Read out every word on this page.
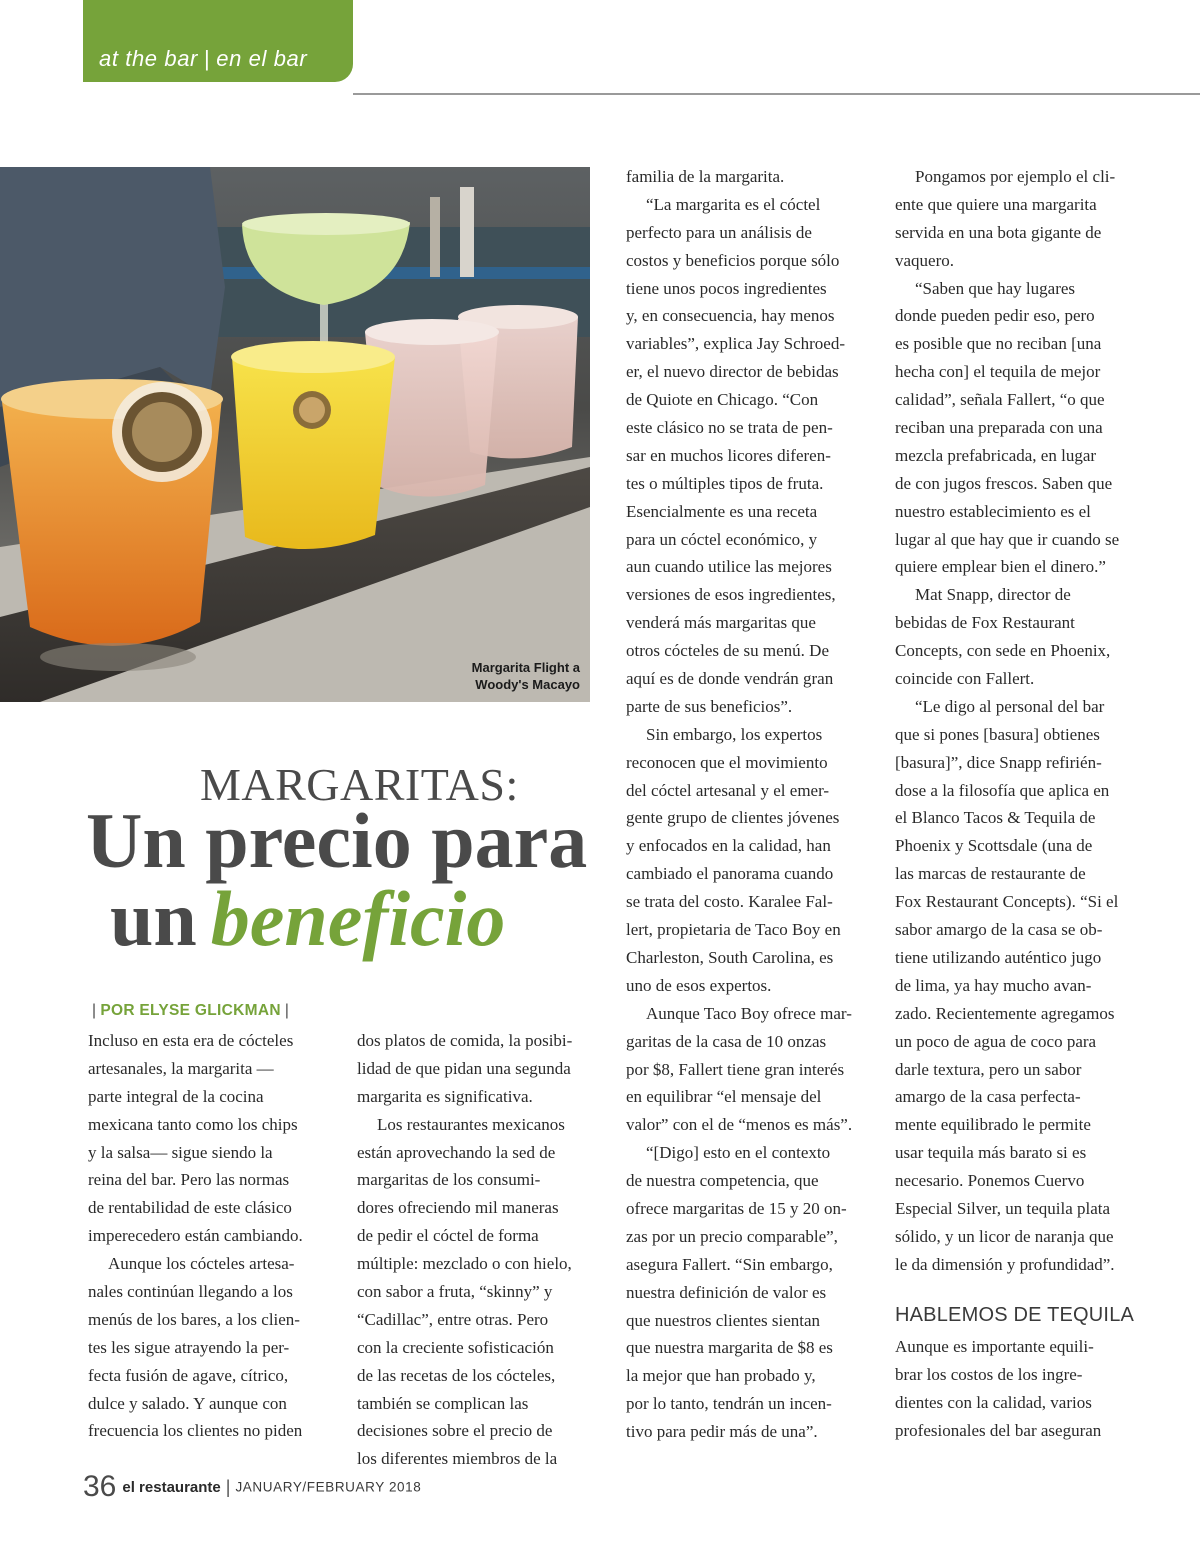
at the bar | en el bar
Margarita Flight a
Woody's Macayo
MARGARITAS:
Un precio para
un beneficio
| POR ELYSE GLICKMAN |
Incluso en esta era de cócteles
artesanales, la margarita —
parte integral de la cocina
mexicana tanto como los chips
y la salsa— sigue siendo la
reina del bar. Pero las normas
de rentabilidad de este clásico
imperecedero están cambiando.
Aunque los cócteles artesa-
nales continúan llegando a los
menús de los bares, a los clien-
tes les sigue atrayendo la per-
fecta fusión de agave, cítrico,
dulce y salado. Y aunque con
frecuencia los clientes no piden
dos platos de comida, la posibi-
lidad de que pidan una segunda
margarita es significativa.
Los restaurantes mexicanos
están aprovechando la sed de
margaritas de los consumi-
dores ofreciendo mil maneras
de pedir el cóctel de forma
múltiple: mezclado o con hielo,
con sabor a fruta, “skinny” y
“Cadillac”, entre otras. Pero
con la creciente sofisticación
de las recetas de los cócteles,
también se complican las
decisiones sobre el precio de
los diferentes miembros de la
familia de la margarita.
“La margarita es el cóctel
perfecto para un análisis de
costos y beneficios porque sólo
tiene unos pocos ingredientes
y, en consecuencia, hay menos
variables”, explica Jay Schroed-
er, el nuevo director de bebidas
de Quiote en Chicago. “Con
este clásico no se trata de pen-
sar en muchos licores diferen-
tes o múltiples tipos de fruta.
Esencialmente es una receta
para un cóctel económico, y
aun cuando utilice las mejores
versiones de esos ingredientes,
venderá más margaritas que
otros cócteles de su menú. De
aquí es de donde vendrán gran
parte de sus beneficios”.
Sin embargo, los expertos
reconocen que el movimiento
del cóctel artesanal y el emer-
gente grupo de clientes jóvenes
y enfocados en la calidad, han
cambiado el panorama cuando
se trata del costo. Karalee Fal-
lert, propietaria de Taco Boy en
Charleston, South Carolina, es
uno de esos expertos.
Aunque Taco Boy ofrece mar-
garitas de la casa de 10 onzas
por $8, Fallert tiene gran interés
en equilibrar “el mensaje del
valor” con el de “menos es más”.
“[Digo] esto en el contexto
de nuestra competencia, que
ofrece margaritas de 15 y 20 on-
zas por un precio comparable”,
asegura Fallert. “Sin embargo,
nuestra definición de valor es
que nuestros clientes sientan
que nuestra margarita de $8 es
la mejor que han probado y,
por lo tanto, tendrán un incen-
tivo para pedir más de una”.
Pongamos por ejemplo el cli-
ente que quiere una margarita
servida en una bota gigante de
vaquero.
“Saben que hay lugares
donde pueden pedir eso, pero
es posible que no reciban [una
hecha con] el tequila de mejor
calidad”, señala Fallert, “o que
reciban una preparada con una
mezcla prefabricada, en lugar
de con jugos frescos. Saben que
nuestro establecimiento es el
lugar al que hay que ir cuando se
quiere emplear bien el dinero.”
Mat Snapp, director de
bebidas de Fox Restaurant
Concepts, con sede en Phoenix,
coincide con Fallert.
“Le digo al personal del bar
que si pones [basura] obtienes
[basura]”, dice Snapp refirién-
dose a la filosofía que aplica en
el Blanco Tacos & Tequila de
Phoenix y Scottsdale (una de
las marcas de restaurante de
Fox Restaurant Concepts). “Si el
sabor amargo de la casa se ob-
tiene utilizando auténtico jugo
de lima, ya hay mucho avan-
zado. Recientemente agregamos
un poco de agua de coco para
darle textura, pero un sabor
amargo de la casa perfecta-
mente equilibrado le permite
usar tequila más barato si es
necesario. Ponemos Cuervo
Especial Silver, un tequila plata
sólido, y un licor de naranja que
le da dimensión y profundidad”.
HABLEMOS DE TEQUILA
Aunque es importante equili-
brar los costos de los ingre-
dientes con la calidad, varios
profesionales del bar aseguran
36 el restaurante | JANUARY/FEBRUARY 2018
